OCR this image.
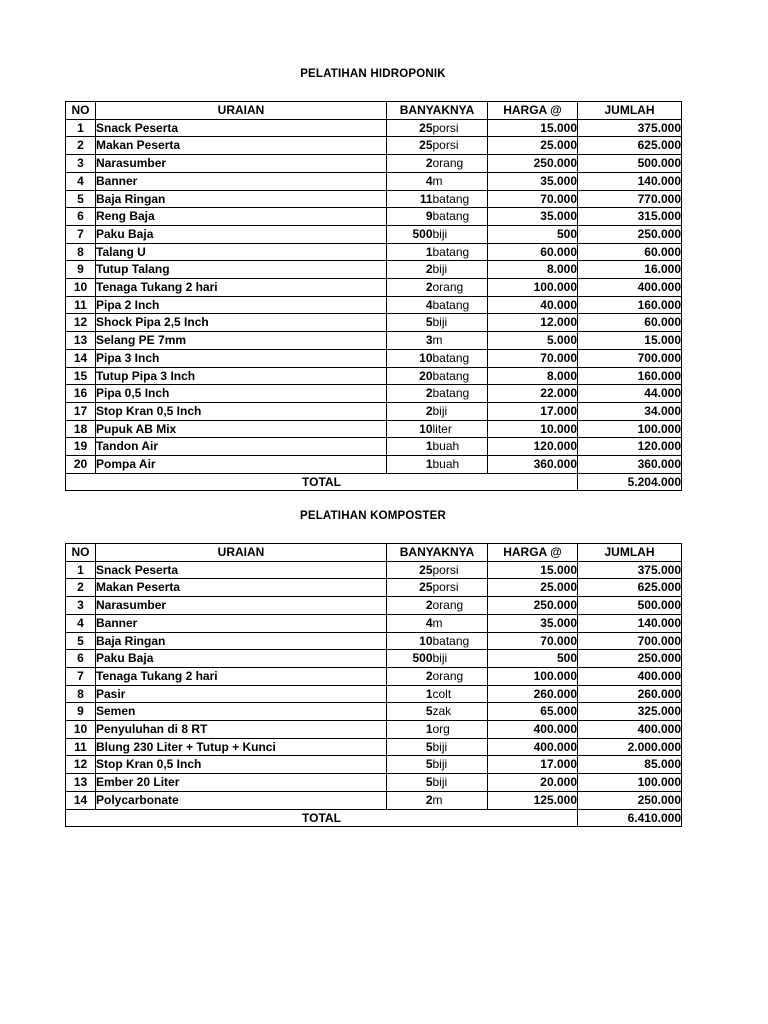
PELATIHAN HIDROPONIK
NO	URAIAN	BANYAKNYA		HARGA @	JUMLAH
1	Snack Peserta	25	porsi	15.000	375.000
2	Makan Peserta	25	porsi	25.000	625.000
3	Narasumber	2	orang	250.000	500.000
4	Banner	4	m	35.000	140.000
5	Baja Ringan	11	batang	70.000	770.000
6	Reng Baja	9	batang	35.000	315.000
7	Paku Baja	500	biji	500	250.000
8	Talang U	1	batang	60.000	60.000
9	Tutup Talang	2	biji	8.000	16.000
10	Tenaga Tukang 2 hari	2	orang	100.000	400.000
11	Pipa 2 Inch	4	batang	40.000	160.000
12	Shock Pipa 2,5 Inch	5	biji	12.000	60.000
13	Selang PE 7mm	3	m	5.000	15.000
14	Pipa 3 Inch	10	batang	70.000	700.000
15	Tutup Pipa 3 Inch	20	batang	8.000	160.000
16	Pipa 0,5 Inch	2	batang	22.000	44.000
17	Stop Kran 0,5 Inch	2	biji	17.000	34.000
18	Pupuk AB Mix	10	liter	10.000	100.000
19	Tandon Air	1	buah	120.000	120.000
20	Pompa Air	1	buah	360.000	360.000
TOTAL					5.204.000
PELATIHAN KOMPOSTER
NO	URAIAN	BANYAKNYA		HARGA @	JUMLAH
1	Snack Peserta	25	porsi	15.000	375.000
2	Makan Peserta	25	porsi	25.000	625.000
3	Narasumber	2	orang	250.000	500.000
4	Banner	4	m	35.000	140.000
5	Baja Ringan	10	batang	70.000	700.000
6	Paku Baja	500	biji	500	250.000
7	Tenaga Tukang 2 hari	2	orang	100.000	400.000
8	Pasir	1	colt	260.000	260.000
9	Semen	5	zak	65.000	325.000
10	Penyuluhan di 8 RT	1	org	400.000	400.000
11	Blung 230 Liter + Tutup + Kunci	5	biji	400.000	2.000.000
12	Stop Kran 0,5 Inch	5	biji	17.000	85.000
13	Ember 20 Liter	5	biji	20.000	100.000
14	Polycarbonate	2	m	125.000	250.000
TOTAL					6.410.000
